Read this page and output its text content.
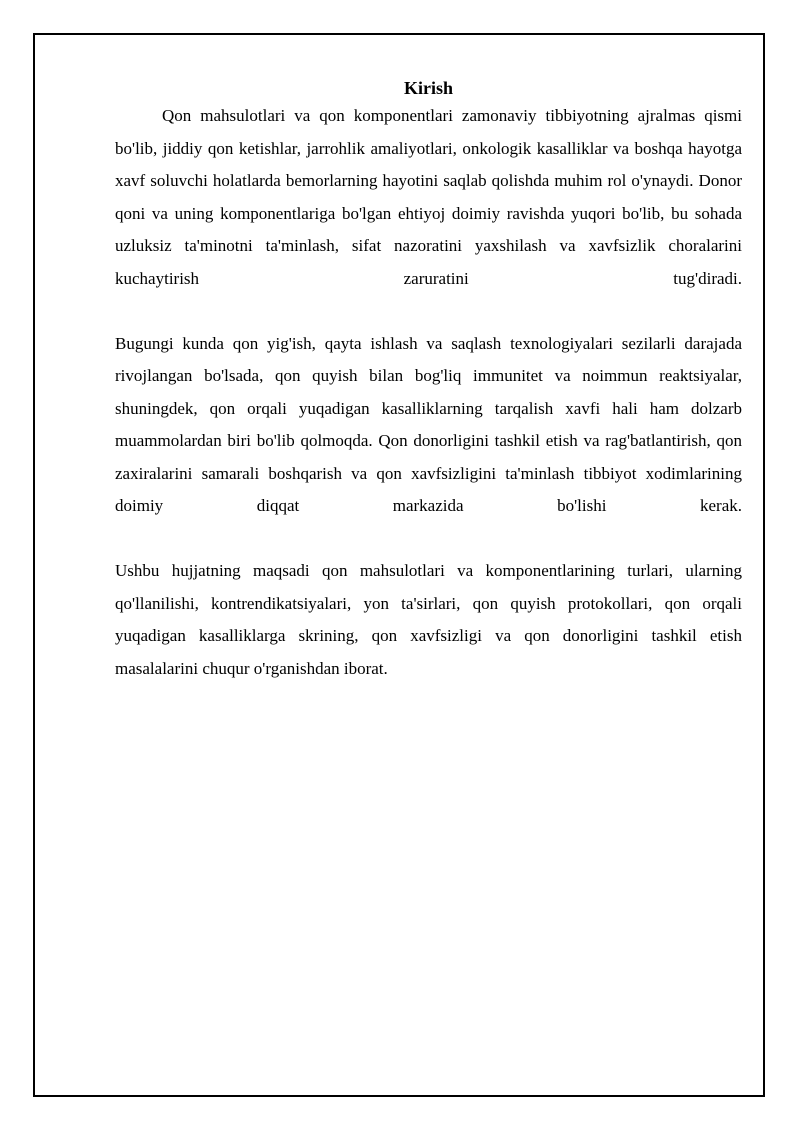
Kirish

Qon mahsulotlari va qon komponentlari zamonaviy tibbiyotning ajralmas qismi bo'lib, jiddiy qon ketishlar, jarrohlik amaliyotlari, onkologik kasalliklar va boshqa hayotga xavf soluvchi holatlarda bemorlarning hayotini saqlab qolishda muhim rol o'ynaydi. Donor qoni va uning komponentlariga bo'lgan ehtiyoj doimiy ravishda yuqori bo'lib, bu sohada uzluksiz ta'minotni ta'minlash, sifat nazoratini yaxshilash va xavfsizlik choralarini kuchaytirish zaruratini tug'diradi.

Bugungi kunda qon yig'ish, qayta ishlash va saqlash texnologiyalari sezilarli darajada rivojlangan bo'lsada, qon quyish bilan bog'liq immunitet va noimmun reaktsiyalar, shuningdek, qon orqali yuqadigan kasalliklarning tarqalish xavfi hali ham dolzarb muammolardan biri bo'lib qolmoqda. Qon donorligini tashkil etish va rag'batlantirish, qon zaxiralarini samarali boshqarish va qon xavfsizligini ta'minlash tibbiyot xodimlarining doimiy diqqat markazida bo'lishi kerak.

Ushbu hujjatning maqsadi qon mahsulotlari va komponentlarining turlari, ularning qo'llanilishi, kontrendikatsiyalari, yon ta'sirlari, qon quyish protokollari, qon orqali yuqadigan kasalliklarga skrining, qon xavfsizligi va qon donorligini tashkil etish masalalarini chuqur o'rganishdan iborat.
